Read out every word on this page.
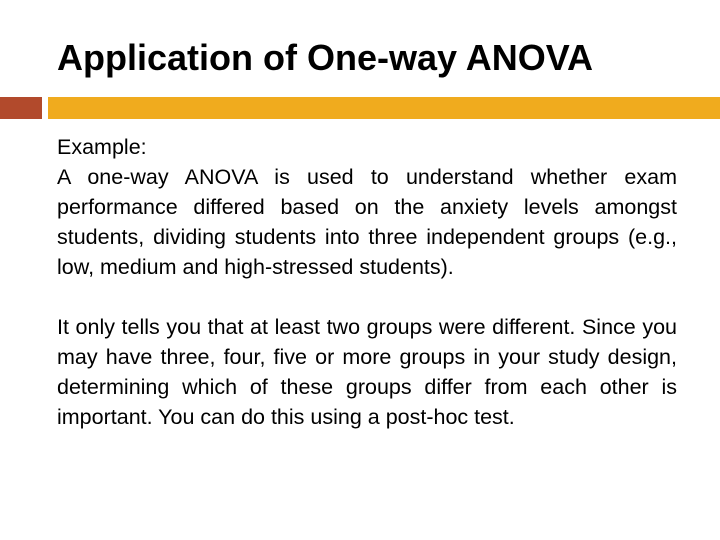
Application of One-way ANOVA

Example:

A one-way ANOVA is used to understand whether exam performance differed based on the anxiety levels amongst students, dividing students into three independent groups (e.g., low, medium and high-stressed students).

It only tells you that at least two groups were different. Since you may have three, four, five or more groups in your study design, determining which of these groups differ from each other is important. You can do this using a post-hoc test.
